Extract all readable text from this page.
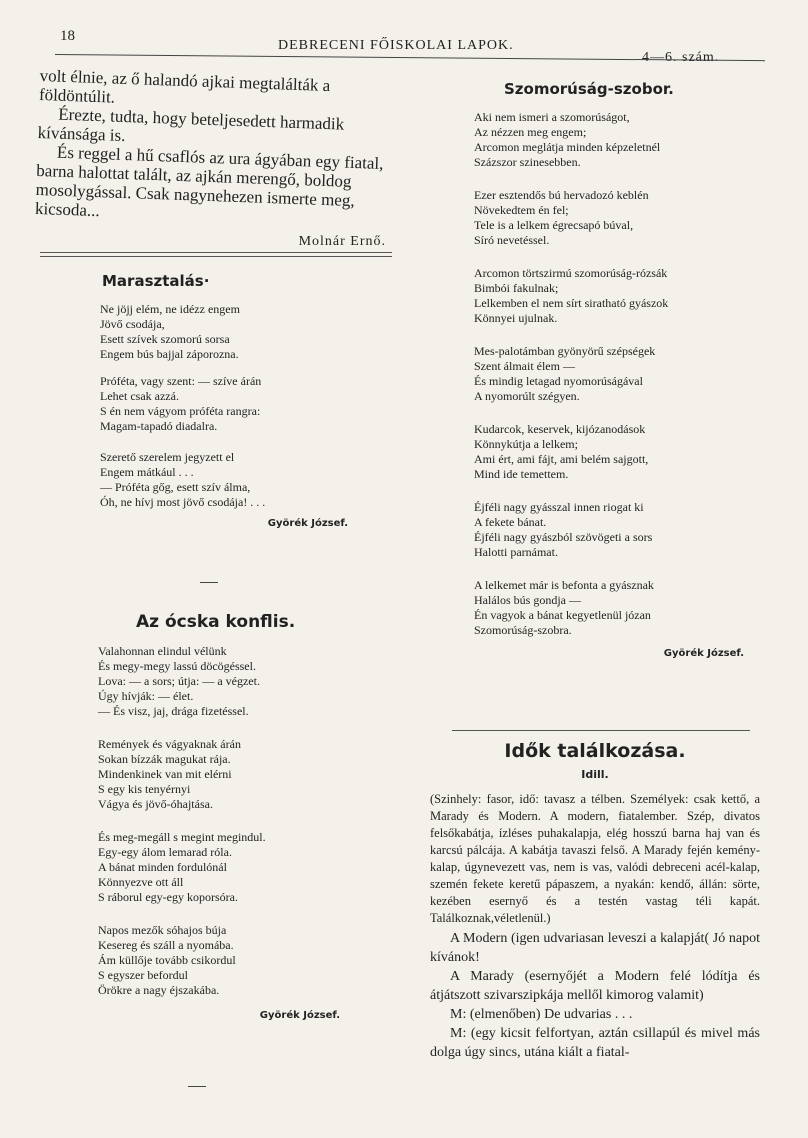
18
DEBRECENI FŐISKOLAI LAPOK.
4—6. szám.

volt élnie, az ő halandó ajkai megtalálták a földöntúlit.

Érezte, tudta, hogy beteljesedett harmadik kívánsága is.

És reggel a hű csaflós az ura ágyában egy fiatal, barna halottat talált, az ajkán merengő, boldog mosolygással. Csak nagynehezen ismerte meg, kicsoda...

Molnár Ernő.
Marasztalás·
Ne jöjj elém, ne idézz engem
Jövő csodája,
Esett szívek szomorú sorsa
Engem bús bajjal záporozna.
Próféta, vagy szent: — szíve árán
Lehet csak azzá.
S én nem vágyom próféta rangra:
Magam-tapadó diadalra.
Szerető szerelem jegyzett el
Engem mátkául . . .
— Próféta gőg, esett szív álma,
Óh, ne hívj most jövő csodája! . . .
Györék József.
Az ócska konflis.
Valahonnan elindul vélünk
És megy-megy lassú döcögéssel.
Lova: — a sors; útja: — a végzet.
Úgy hívják: — élet.
— És visz, jaj, drága fizetéssel.
Remények és vágyaknak árán
Sokan bízzák magukat rája.
Mindenkinek van mit elérni
S egy kis tenyérnyi
Vágya és jövő-óhajtása.
És meg-megáll s megint megindul.
Egy-egy álom lemarad róla.
A bánat minden fordulónál
Könnyezve ott áll
S ráborul egy-egy koporsóra.
Napos mezők sóhajos búja
Kesereg és száll a nyomába.
Ám küllője tovább csikordul
S egyszer befordul
Örökre a nagy éjszakába.
Györék József.
Szomorúság-szobor.
Aki nem ismeri a szomorúságot,
Az nézzen meg engem;
Arcomon meglátja minden képzeletnél
Százszor szinesebben.
Ezer esztendős bú hervadozó keblén
Növekedtem én fel;
Tele is a lelkem égrecsapó búval,
Síró nevetéssel.
Arcomon törtszirmú szomorúság-rózsák
Bimbói fakulnak;
Lelkemben el nem sírt siratható gyászok
Könnyei ujulnak.
Mes-palotámban gyönyörű szépségek
Szent álmait élem —
És mindig letagad nyomorúságával
A nyomorúlt szégyen.
Kudarcok, keservek, kijózanodások
Könnykútja a lelkem;
Ami ért, ami fájt, ami belém sajgott,
Mind ide temettem.
Éjféli nagy gyásszal innen riogat ki
A fekete bánat.
Éjféli nagy gyászból szövögeti a sors
Halotti parnámat.
A lelkemet már is befonta a gyásznak
Halálos bús gondja —
Én vagyok a bánat kegyetlenül józan
Szomorúság-szobra.
Györék József.
Idők találkozása.
Idill.

(Szinhely: fasor, idő: tavasz a télben. Személyek: csak kettő, a Marady és Modern. A modern, fiatalember. Szép, divatos felsőkabátja, ízléses puhakalapja, elég hosszú barna haj van és karcsú pálcája. A kabátja tavaszi felső. A Marady fején kemény-kalap, úgynevezett vas, nem is vas, valódi debreceni acél-kalap, szemén fekete keretű pápaszem, a nyakán: kendő, állán: sörte, kezében esernyő és a testén vastag téli kapát. Találkoznak,véletlenül.)

A Modern (igen udvariasan leveszi a kalapját( Jó napot kívánok!

A Marady (esernyőjét a Modern felé lódítja és átjátszott szivarszipkája mellől kimorog valamit)

M: (elmenőben) De udvarias . . .

M: (egy kicsit felfortyan, aztán csillapúl és mivel más dolga úgy sincs, utána kiált a fiatal-
